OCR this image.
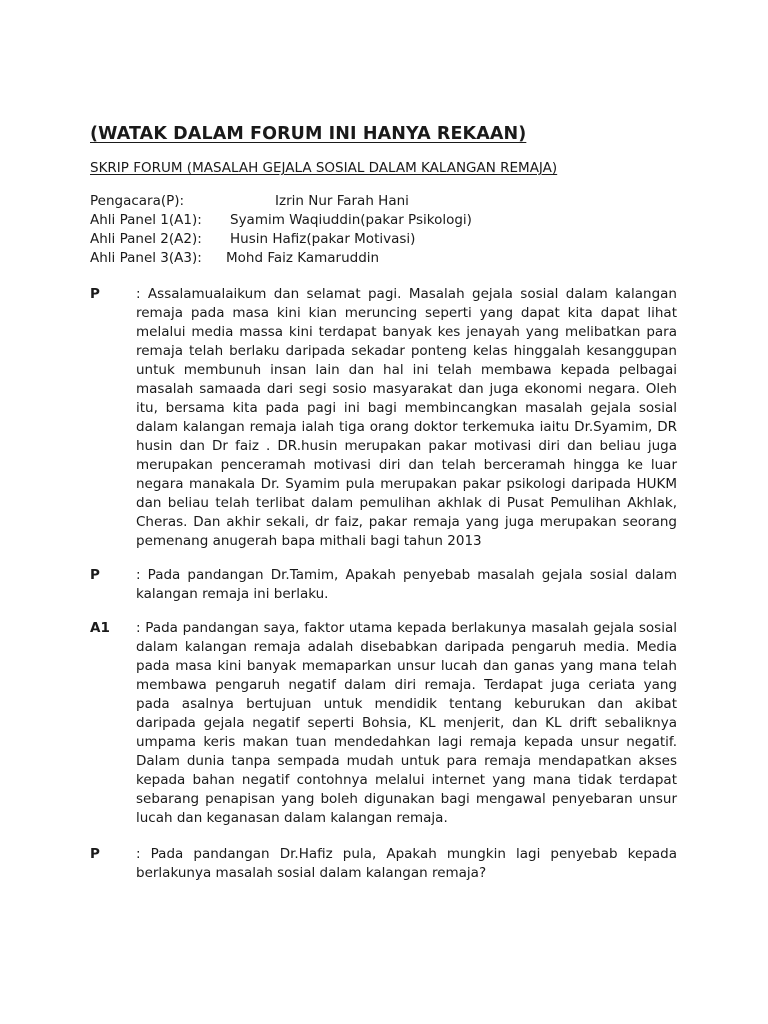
(WATAK DALAM FORUM INI HANYA REKAAN)
SKRIP FORUM (MASALAH GEJALA SOSIAL DALAM KALANGAN REMAJA)
Pengacara(P):	Izrin Nur Farah Hani
Ahli Panel 1(A1): Syamim Waqiuddin(pakar Psikologi)
Ahli Panel 2(A2): Husin Hafiz(pakar Motivasi)
Ahli Panel 3(A3): Mohd Faiz Kamaruddin
P	: Assalamualaikum dan selamat pagi. Masalah gejala sosial dalam kalangan remaja pada masa kini kian meruncing seperti yang dapat kita dapat lihat melalui media massa kini terdapat banyak kes jenayah yang melibatkan para remaja telah berlaku daripada sekadar ponteng kelas hinggalah kesanggupan untuk membunuh insan lain dan hal ini telah membawa kepada pelbagai masalah samaada dari segi sosio masyarakat dan juga ekonomi negara. Oleh itu, bersama kita pada pagi ini bagi membincangkan masalah gejala sosial dalam kalangan remaja ialah tiga orang doktor terkemuka iaitu Dr.Syamim, DR husin dan Dr faiz . DR.husin merupakan pakar motivasi diri dan beliau juga merupakan penceramah motivasi diri dan telah berceramah hingga ke luar negara manakala Dr. Syamim pula merupakan pakar psikologi daripada HUKM dan beliau telah terlibat dalam pemulihan akhlak di Pusat Pemulihan Akhlak, Cheras. Dan akhir sekali, dr faiz, pakar remaja yang juga merupakan seorang pemenang anugerah bapa mithali bagi tahun 2013
P	: Pada pandangan Dr.Tamim, Apakah penyebab masalah gejala sosial dalam kalangan remaja ini berlaku.
A1	: Pada pandangan saya, faktor utama kepada berlakunya masalah gejala sosial dalam kalangan remaja adalah disebabkan daripada pengaruh media. Media pada masa kini banyak memaparkan unsur lucah dan ganas yang mana telah membawa pengaruh negatif dalam diri remaja. Terdapat juga ceriata yang pada asalnya bertujuan untuk mendidik tentang keburukan dan akibat daripada gejala negatif seperti Bohsia, KL menjerit, dan KL drift sebaliknya umpama keris makan tuan mendedahkan lagi remaja kepada unsur negatif. Dalam dunia tanpa sempada mudah untuk para remaja mendapatkan akses kepada bahan negatif contohnya melalui internet yang mana tidak terdapat sebarang penapisan yang boleh digunakan bagi mengawal penyebaran unsur lucah dan keganasan dalam kalangan remaja.
P	: Pada pandangan Dr.Hafiz pula, Apakah mungkin lagi penyebab kepada berlakunya masalah sosial dalam kalangan remaja?
